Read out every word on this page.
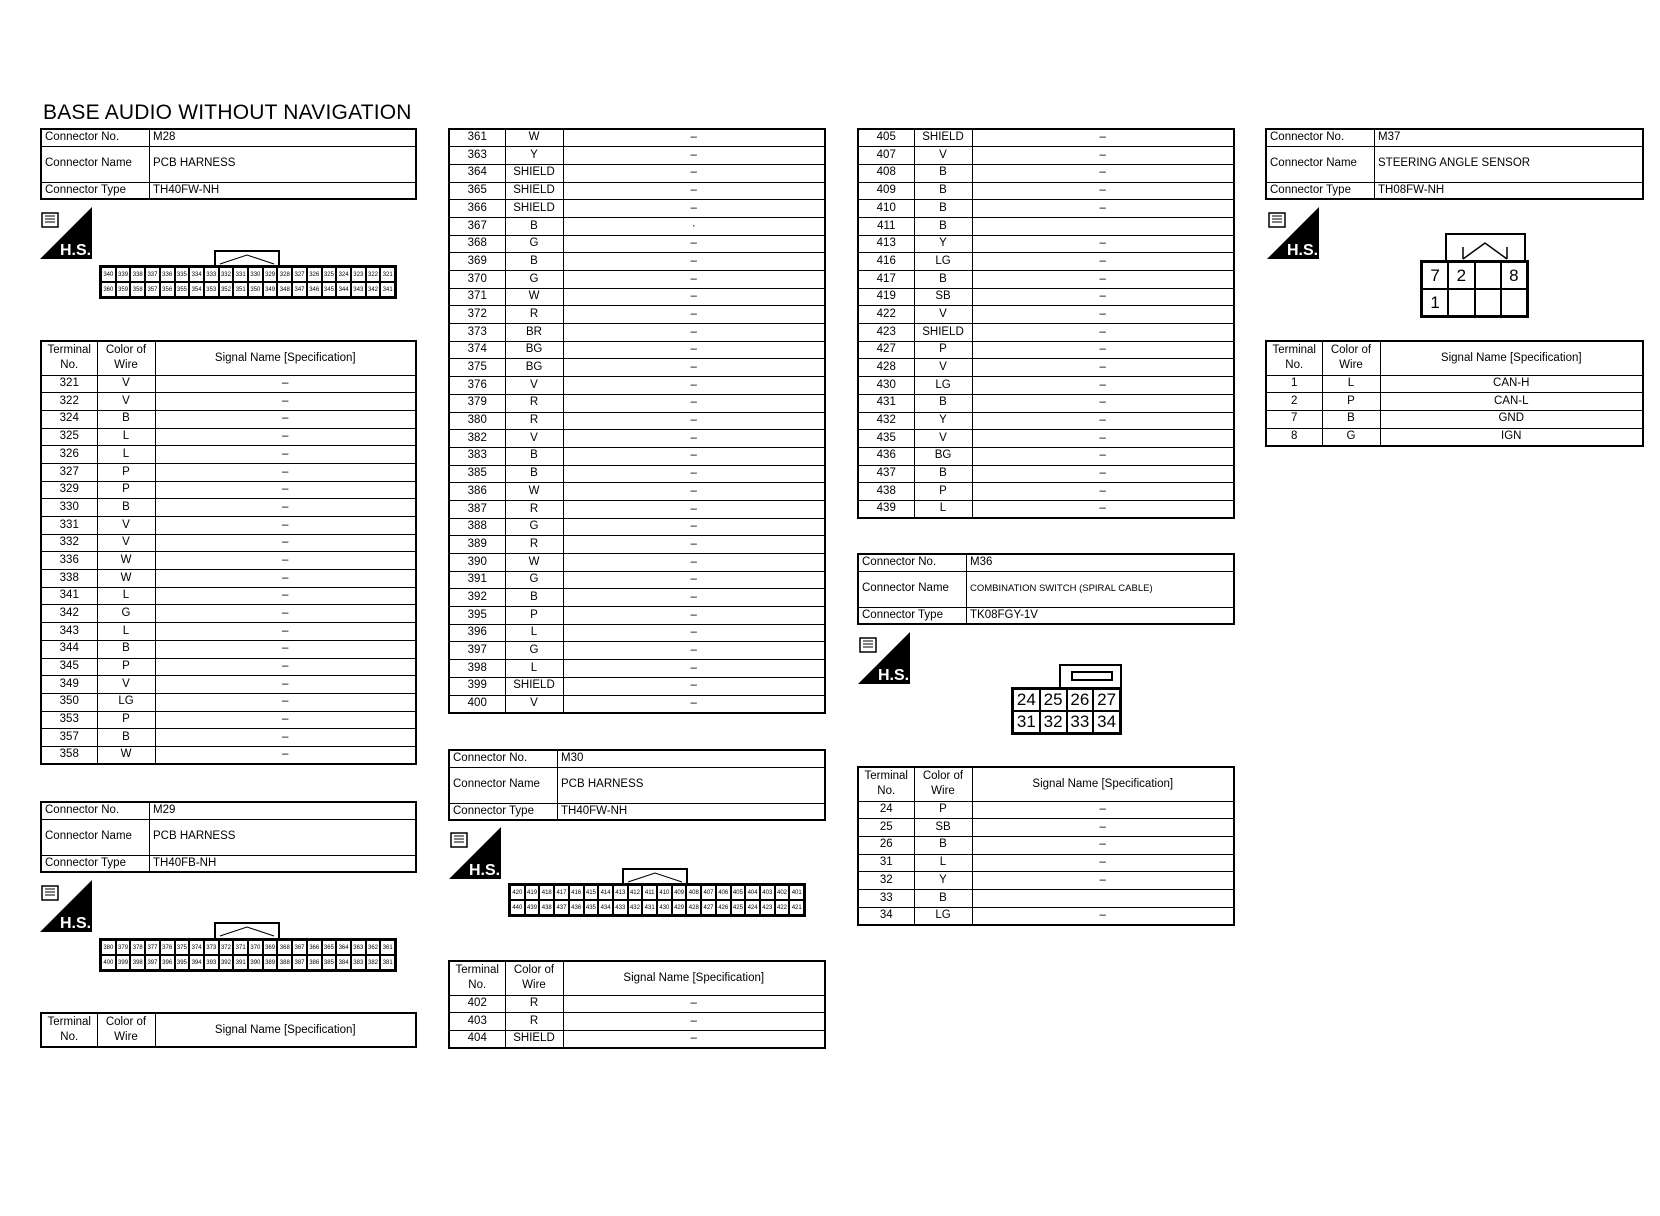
BASE AUDIO WITHOUT NAVIGATION
Connector No.	M28
Connector Name	PCB HARNESS
Connector Type	TH40FW-NH
H.S.
340 339 338 337 336 335 334 333 332 331 330 329 328 327 326 325 324 323 322 321
360 359 358 357 356 355 354 353 352 351 350 349 348 347 346 345 344 343 342 341
Terminal No.	Color of Wire	Signal Name [Specification]
321	V	–
322	V	–
324	B	–
325	L	–
326	L	–
327	P	–
329	P	–
330	B	–
331	V	–
332	V	–
336	W	–
338	W	–
341	L	–
342	G	–
343	L	–
344	B	–
345	P	–
349	V	–
350	LG	–
353	P	–
357	B	–
358	W	–
Connector No.	M29
Connector Name	PCB HARNESS
Connector Type	TH40FB-NH
H.S.
380 379 378 377 376 375 374 373 372 371 370 369 368 367 366 365 364 363 362 361
400 399 398 397 396 395 394 393 392 391 390 389 388 387 386 385 384 383 382 381
Terminal No.	Color of Wire	Signal Name [Specification]
361	W	–
363	Y	–
364	SHIELD	–
365	SHIELD	–
366	SHIELD	–
367	B	·
368	G	–
369	B	–
370	G	–
371	W	–
372	R	–
373	BR	–
374	BG	–
375	BG	–
376	V	–
379	R	–
380	R	–
382	V	–
383	B	–
385	B	–
386	W	–
387	R	–
388	G	–
389	R	–
390	W	–
391	G	–
392	B	–
395	P	–
396	L	–
397	G	–
398	L	–
399	SHIELD	–
400	V	–
Connector No.	M30
Connector Name	PCB HARNESS
Connector Type	TH40FW-NH
H.S.
420 419 418 417 416 415 414 413 412 411 410 409 408 407 406 405 404 403 402 401
440 439 438 437 436 435 434 433 432 431 430 429 428 427 426 425 424 423 422 421
Terminal No.	Color of Wire	Signal Name [Specification]
402	R	–
403	R	–
404	SHIELD	–
405	SHIELD	–
407	V	–
408	B	–
409	B	–
410	B	–
411	B	
413	Y	–
416	LG	–
417	B	–
419	SB	–
422	V	–
423	SHIELD	–
427	P	–
428	V	–
430	LG	–
431	B	–
432	Y	–
435	V	–
436	BG	–
437	B	–
438	P	–
439	L	–
Connector No.	M36
Connector Name	COMBINATION SWITCH (SPIRAL CABLE)
Connector Type	TK08FGY-1V
H.S.
24 25 26 27
31 32 33 34
Terminal No.	Color of Wire	Signal Name [Specification]
24	P	–
25	SB	–
26	B	–
31	L	–
32	Y	–
33	B	
34	LG	–
Connector No.	M37
Connector Name	STEERING ANGLE SENSOR
Connector Type	TH08FW-NH
H.S.
7 2	8
1
Terminal No.	Color of Wire	Signal Name [Specification]
1	L	CAN-H
2	P	CAN-L
7	B	GND
8	G	IGN
